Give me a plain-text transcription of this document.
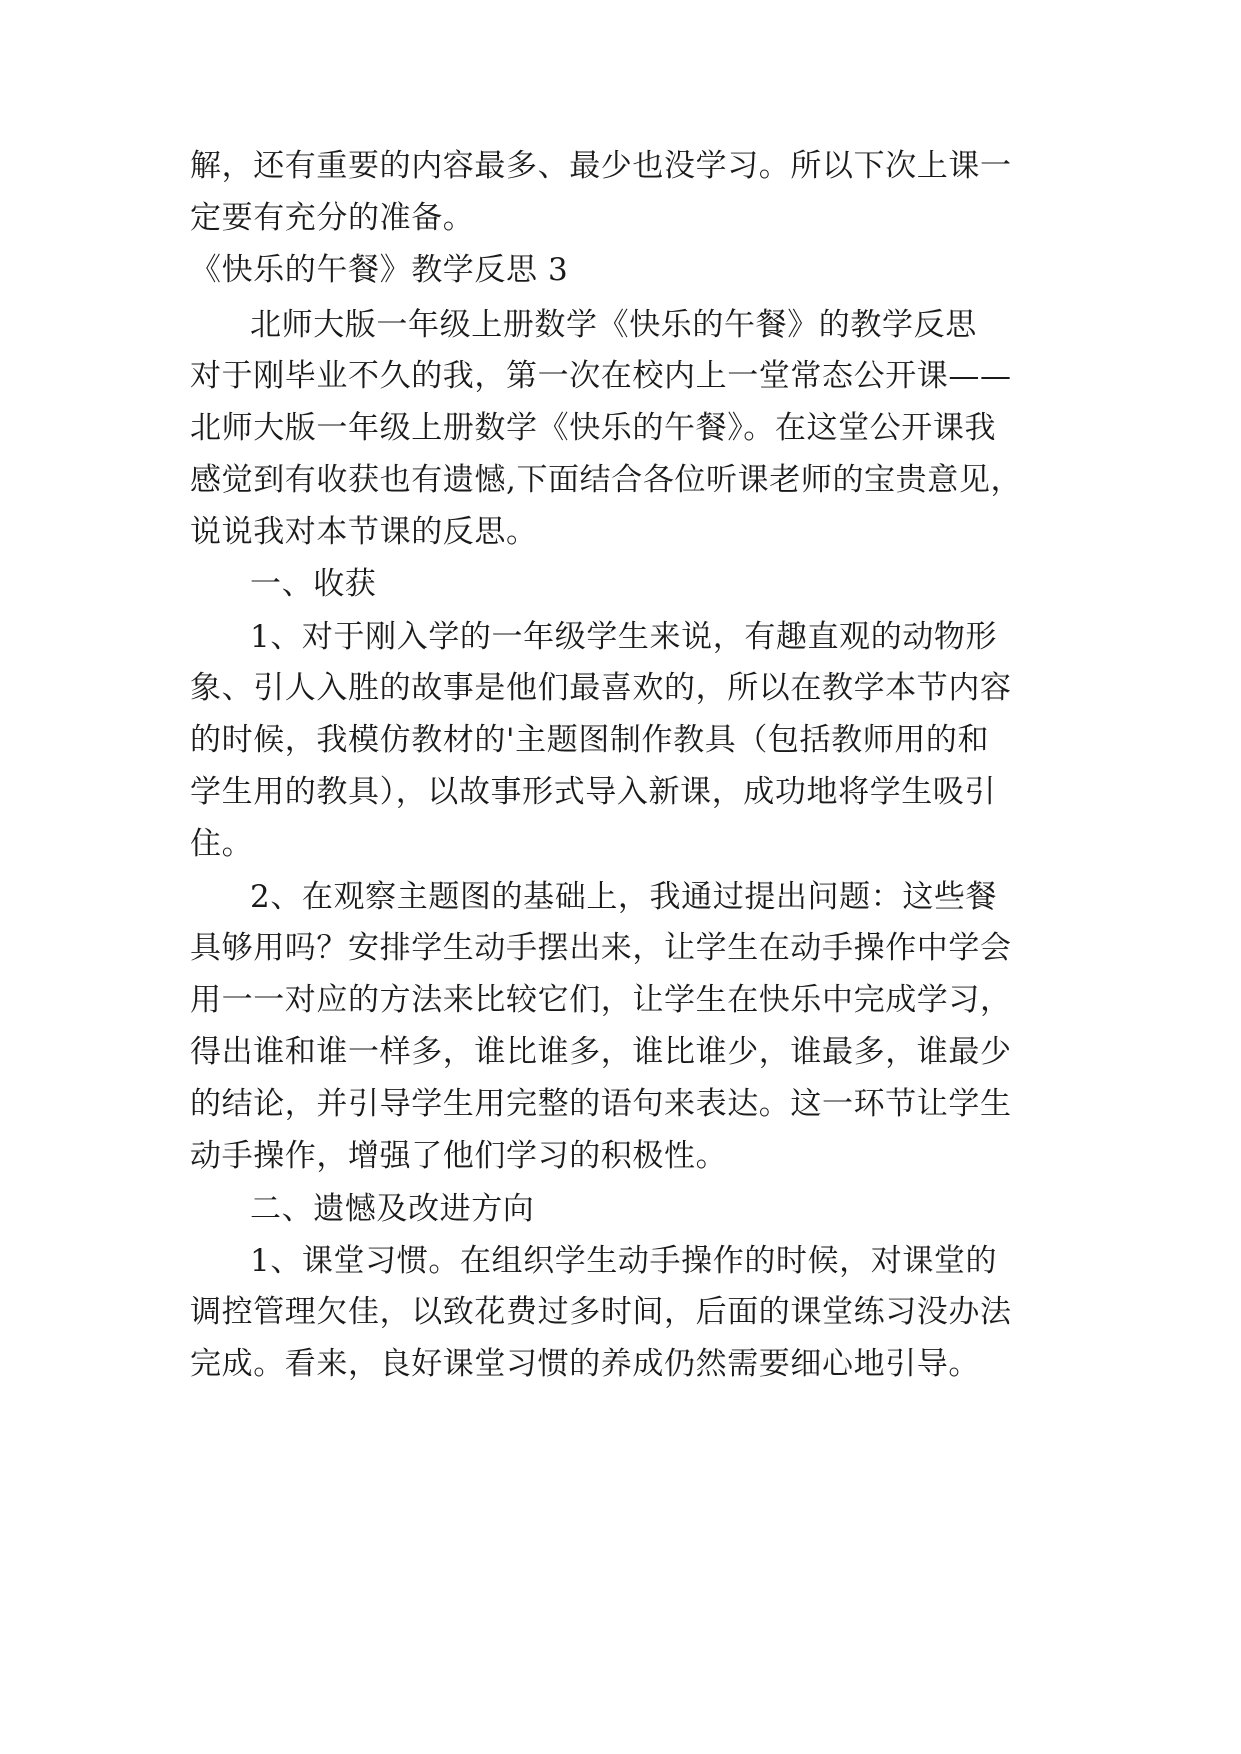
解，还有重要的内容最多、最少也没学习。所以下次上课一
定要有充分的准备。
《快乐的午餐》教学反思 3
北师大版一年级上册数学《快乐的午餐》的教学反思
对于刚毕业不久的我，第一次在校内上一堂常态公开课——
北师大版一年级上册数学《快乐的午餐》。在这堂公开课我
感觉到有收获也有遗憾,下面结合各位听课老师的宝贵意见，
说说我对本节课的反思。
一、收获
1、对于刚入学的一年级学生来说，有趣直观的动物形
象、引人入胜的故事是他们最喜欢的，所以在教学本节内容
的时候，我模仿教材的'主题图制作教具（包括教师用的和
学生用的教具），以故事形式导入新课，成功地将学生吸引
住。
2、在观察主题图的基础上，我通过提出问题：这些餐
具够用吗？安排学生动手摆出来，让学生在动手操作中学会
用一一对应的方法来比较它们，让学生在快乐中完成学习，
得出谁和谁一样多，谁比谁多，谁比谁少，谁最多，谁最少
的结论，并引导学生用完整的语句来表达。这一环节让学生
动手操作，增强了他们学习的积极性。
二、遗憾及改进方向
1、课堂习惯。在组织学生动手操作的时候，对课堂的
调控管理欠佳，以致花费过多时间，后面的课堂练习没办法
完成。看来，良好课堂习惯的养成仍然需要细心地引导。
